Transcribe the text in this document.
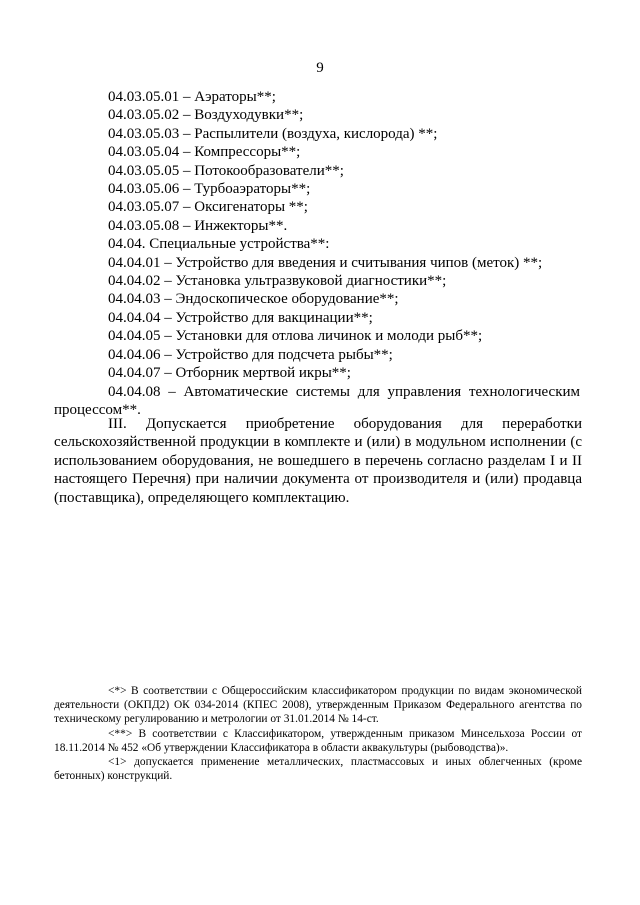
9
04.03.05.01 – Аэраторы**;
04.03.05.02 – Воздуходувки**;
04.03.05.03 – Распылители (воздуха, кислорода) **;
04.03.05.04 – Компрессоры**;
04.03.05.05 – Потокообразователи**;
04.03.05.06 – Турбоаэраторы**;
04.03.05.07 – Оксигенаторы **;
04.03.05.08 – Инжекторы**.
04.04. Специальные устройства**:
04.04.01 – Устройство для введения и считывания чипов (меток) **;
04.04.02 – Установка ультразвуковой диагностики**;
04.04.03 – Эндоскопическое оборудование**;
04.04.04 – Устройство для вакцинации**;
04.04.05 – Установки для отлова личинок и молоди рыб**;
04.04.06 – Устройство для подсчета рыбы**;
04.04.07 – Отборник мертвой икры**;
04.04.08 – Автоматические системы для управления технологическим
процессом**.
III. Допускается приобретение оборудования для переработки сельскохозяйственной продукции в комплекте и (или) в модульном исполнении (с использованием оборудования, не вошедшего в перечень согласно разделам I и II настоящего Перечня) при наличии документа от производителя и (или) продавца (поставщика), определяющего комплектацию.

<*> В соответствии с Общероссийским классификатором продукции по видам экономической деятельности (ОКПД2) ОК 034-2014 (КПЕС 2008), утвержденным Приказом Федерального агентства по техническому регулированию и метрологии от 31.01.2014 № 14-ст.

<**> В соответствии с Классификатором, утвержденным приказом Минсельхоза России от 18.11.2014 № 452 «Об утверждении Классификатора в области аквакультуры (рыбоводства)».

<1> допускается применение металлических, пластмассовых и иных облегченных (кроме бетонных) конструкций.
